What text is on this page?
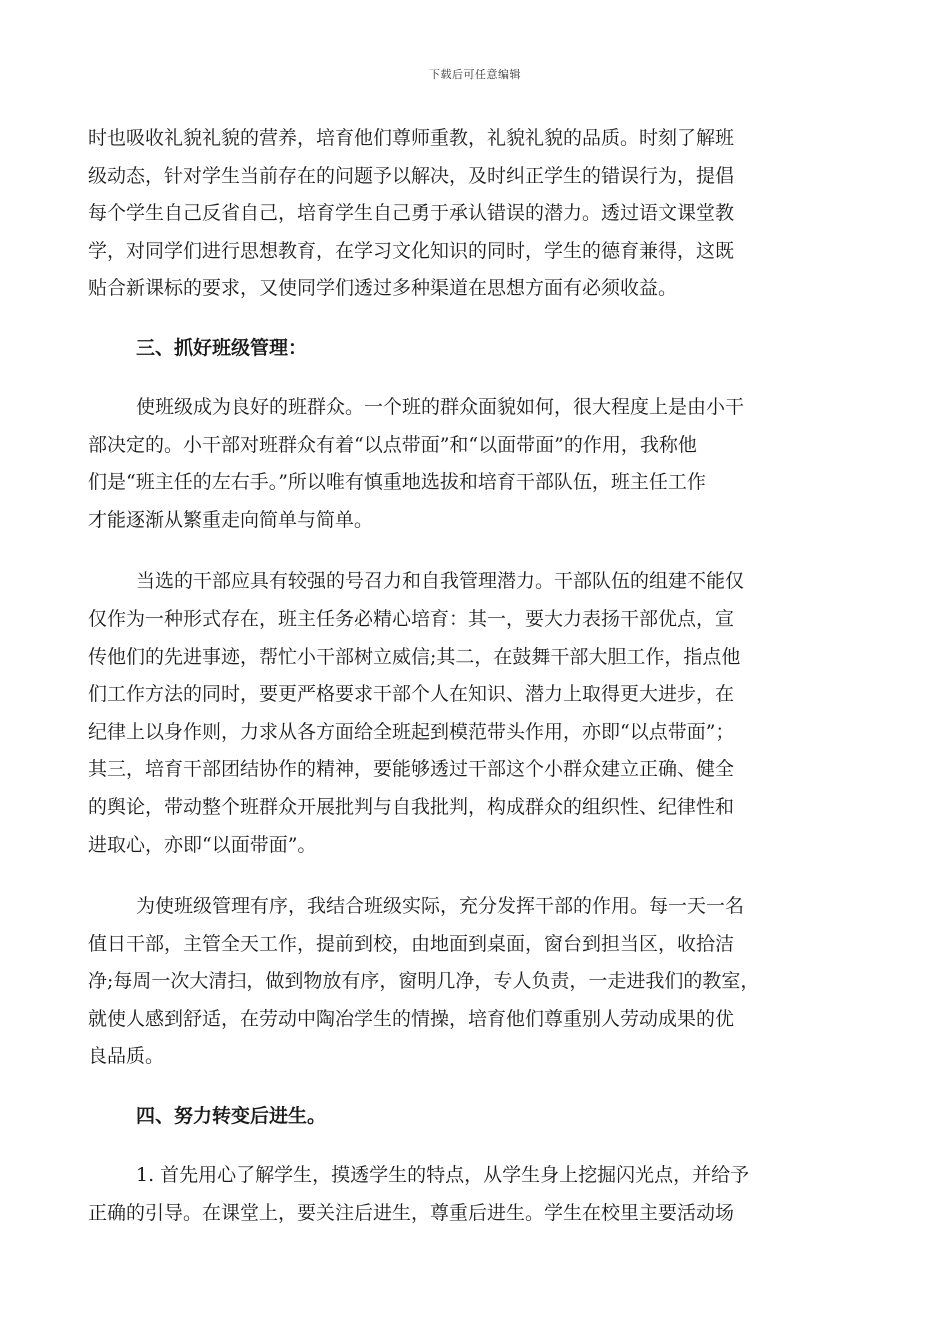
下载后可任意编辑

时也吸收礼貌礼貌的营养，培育他们尊师重教，礼貌礼貌的品质。时刻了解班
级动态，针对学生当前存在的问题予以解决，及时纠正学生的错误行为，提倡
每个学生自己反省自己，培育学生自己勇于承认错误的潜力。透过语文课堂教
学，对同学们进行思想教育，在学习文化知识的同时，学生的德育兼得，这既
贴合新课标的要求，又使同学们透过多种渠道在思想方面有必须收益。

三、抓好班级管理：

使班级成为良好的班群众。一个班的群众面貌如何，很大程度上是由小干
部决定的。小干部对班群众有着“以点带面”和“以面带面”的作用，我称他
们是“班主任的左右手。”所以唯有慎重地选拔和培育干部队伍，班主任工作
才能逐渐从繁重走向简单与简单。

当选的干部应具有较强的号召力和自我管理潜力。干部队伍的组建不能仅
仅作为一种形式存在，班主任务必精心培育：其一，要大力表扬干部优点，宣
传他们的先进事迹，帮忙小干部树立威信;其二，在鼓舞干部大胆工作，指点他
们工作方法的同时，要更严格要求干部个人在知识、潜力上取得更大进步，在
纪律上以身作则，力求从各方面给全班起到模范带头作用，亦即“以点带面”；
其三，培育干部团结协作的精神，要能够透过干部这个小群众建立正确、健全
的舆论，带动整个班群众开展批判与自我批判，构成群众的组织性、纪律性和
进取心，亦即“以面带面”。

为使班级管理有序，我结合班级实际，充分发挥干部的作用。每一天一名
值日干部，主管全天工作，提前到校，由地面到桌面，窗台到担当区，收拾洁
净;每周一次大清扫，做到物放有序，窗明几净，专人负责，一走进我们的教室，
就使人感到舒适，在劳动中陶冶学生的情操，培育他们尊重别人劳动成果的优
良品质。

四、努力转变后进生。

1. 首先用心了解学生，摸透学生的特点，从学生身上挖掘闪光点，并给予
正确的引导。在课堂上，要关注后进生，尊重后进生。学生在校里主要活动场
